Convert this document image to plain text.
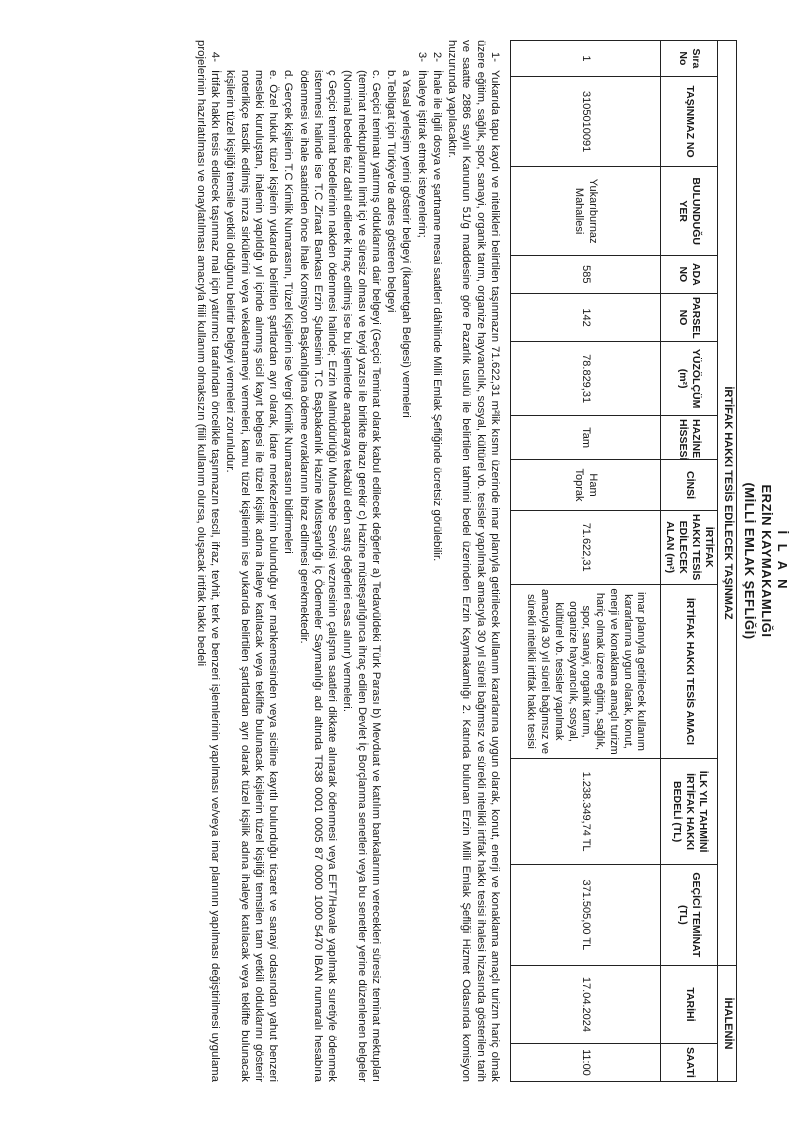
İ L A N
ERZİN KAYMAKAMLIĞI
(MİLLİ EMLAK ŞEFLİĞİ)
İRTİFAK HAKKI TESİS EDİLECEK TAŞINMAZ												İHALENİN	
Sıra No	TAŞINMAZ NO	BULUNDUĞU YER	ADA NO	PARSEL NO	YÜZÖLÇÜM (m²)	HAZİNE HİSSESİ	CİNSİ	İRTİFAK HAKKI TESİS EDİLECEK ALAN (m²)	İRTİFAK HAKKI TESİS AMACI	İLK YIL TAHMİNİ İRTİFAK HAKKI BEDELİ (TL)	GEÇİCİ TEMİNAT (TL)	TARİHİ	SAATİ
1	3105010091	Yukarıburnaz Mahallesi	585	142	78.829,31	Tam	Ham Toprak	71.622,31	imar planıyla getirilecek kullanım kararlarına uygun olarak, konut, enerji ve konaklama amaçlı turizm hariç olmak üzere eğitim, sağlık, spor, sanayi, organik tarım, organize hayvancılık, sosyal, kültürel vb. tesisler yapılmak amacıyla 30 yıl süreli bağımsız ve sürekli nitelikli irtifak hakkı tesisi	1.238.349,74 TL	371.505,00 TL	17.04.2024	11:00

1-Yukarıda tapu kaydı ve nitelikleri belirtilen taşınmazın 71.622,31 m²lik kısmı üzerinde imar planıyla getirilecek kullanım kararlarına uygun olarak, konut, enerji ve konaklama amaçlı turizm hariç olmak üzere eğitim, sağlık, spor, sanayi, organik tarım, organize hayvancılık, sosyal, kültürel vb. tesisler yapılmak amacıyla 30 yıl süreli bağımsız ve sürekli nitelikli irtifak hakkı tesisi ihalesi hizasında gösterilen tarih ve saatte 2886 sayılı Kanunun 51/g maddesine göre Pazarlık usulü ile belirtilen tahmini bedel üzerinden Erzin Kaymakamlığı 2. Katında bulunan Erzin Milli Emlak Şefliği Hizmet Odasında komisyon huzurunda yapılacaktır.

2-İhale ile ilgili dosya ve şartname mesai saatleri dâhilinde Milli Emlak Şefliğinde ücretsiz görülebilir.

3-İhaleye iştirak etmek isteyenlerin;

a Yasal yerleşim yerini gösterir belgeyi (İkametgah Belgesi) vermeleri

b.Tebligat için Türkiye'de adres gösteren belgeyi

c. Geçici teminatı yatırmış olduklarına dair belgeyi (Geçici Teminat olarak kabul edilecek değerler a) Tedavüldeki Türk Parası b) Mevduat ve katılım bankalarının verecekleri süresiz teminat mektupları (teminat mektuplarının limit içi ve süresiz olması ve teyid yazısı ile birlikte ibrazı gerekir c) Hazine müsteşarlığınca ihraç edilen Devlet İç Borçlanma senetleri veya bu senetler yerine düzenlenen belgeler (Nominal bedele faiz dahil edilerek ihraç edilmiş ise bu işlemlerde anaparaya tekabül eden satış değerleri esas alınır) vermeleri.

ç Geçici teminat bedellerinin nakden ödenmesi halinde; Erzin Malmüdürlüğü Muhasebe Servisi veznesinin çalışma saatleri dikkate alınarak ödenmesi veya EFT/Havale yapılmak suretiyle ödenmek istenmesi halinde ise T.C Ziraat Bankası Erzin Şubesinin T.C Başbakanlık Hazine Müsteşarlığı İç Ödemeler Saymanlığı adı altında TR38 0001 0005 87 0000 1000 5470 IBAN numaralı hesabına ödenmesi ve ihale saatinden önce İhale Komisyon Başkanlığına ödeme evraklarının ibraz edilmesi gerekmektedir.

d. Gerçek kişilerin T.C Kimlik Numarasını, Tüzel Kişilerin ise Vergi Kimlik Numarasını bildirmeleri

e. Özel hukuk tüzel kişilerin yukarıda belirtilen şartlardan ayrı olarak, İdare merkezlerinin bulunduğu yer mahkemesinden veya siciline kayıtlı bulunduğu ticaret ve sanayi odasından yahut benzeri mesleki kuruluştan, ihalenin yapıldığı yıl içinde alınmış sicil kayıt belgesi ile tüzel kişilik adına ihaleye katılacak veya teklifte bulunacak kişilerin tüzel kişiliği temsilen tam yetkili olduklarını gösterir noterlikçe tasdik edilmiş imza sirkülerini veya vekaletnameyi vermeleri, kamu tüzel kişilerinin ise yukarıda belirtilen şartlardan ayrı olarak tüzel kişilik adına ihaleye katılacak veya teklifte bulunacak kişilerin tüzel kişiliği temsile yetkili olduğunu belirtir belgeyi vermeleri zorunludur.

4-İrtifak hakkı tesis edilecek taşınmaz mal için yatırımcı tarafından öncelikle taşınmazın tescil, ifraz, tevhit, terk ve benzeri işlemlerinin yapılması ve/veya imar planının yapılması değiştirilmesi uygulama projelerinin hazırlatılması ve onaylatılması amacıyla fiili kullanım olmaksızın (fiili kullanım olursa, oluşacak irtifak hakkı bedeli
